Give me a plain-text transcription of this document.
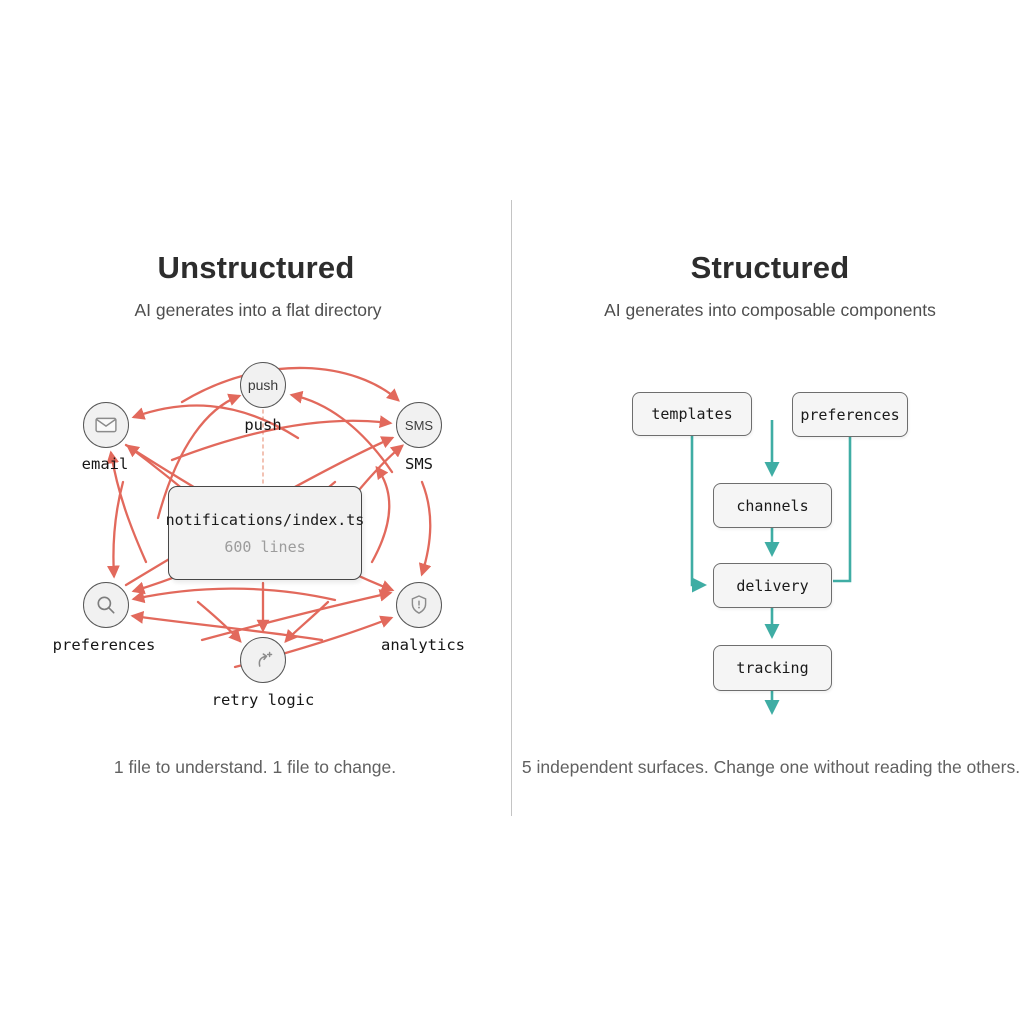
Unstructured

AI generates into a flat directory

notifications/index.ts
600 lines
push
push
email
SMS
SMS
preferences	analytics
retry logic

1 file to understand. 1 file to change.

Structured

AI generates into composable components

templates	preferences
channels
delivery
tracking

5 independent surfaces. Change one without reading the others.
